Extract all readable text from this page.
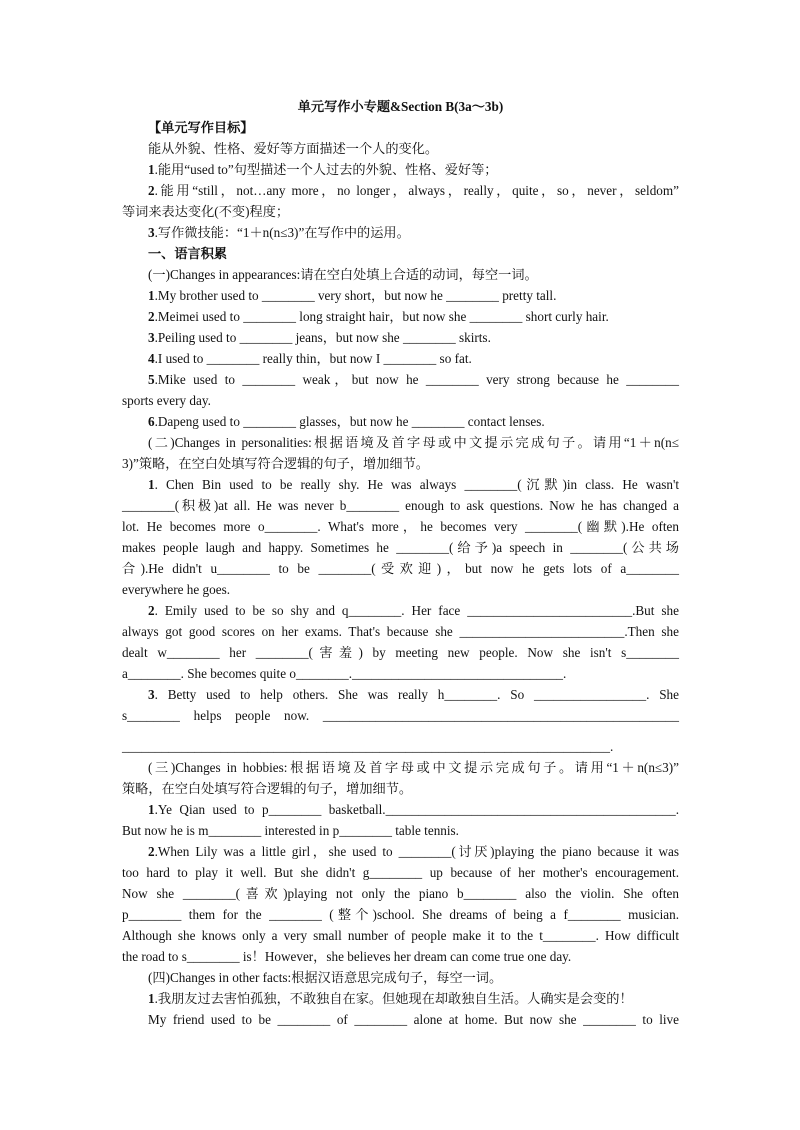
单元写作小专题&Section B(3a～3b)
【单元写作目标】
能从外貌、性格、爱好等方面描述一个人的变化。
1.能用“used to”句型描述一个人过去的外貌、性格、爱好等；
2.能用“still，not…any more，no longer，always，really，quite，so，never，seldom”
等词来表达变化(不变)程度；
3.写作微技能：“1＋n(n≤3)”在写作中的运用。
一、语言积累
(一)Changes in appearances:请在空白处填上合适的动词，每空一词。
1.My brother used to ________ very short，but now he ________ pretty tall.
2.Meimei used to ________ long straight hair，but now she ________ short curly hair.
3.Peiling used to ________ jeans，but now she ________ skirts.
4.I used to ________ really thin，but now I ________ so fat.
5.Mike used to ________ weak，but now he ________ very strong because he ________
sports every day.
6.Dapeng used to ________ glasses，but now he ________ contact lenses.
(二)Changes in personalities:根据语境及首字母或中文提示完成句子。请用“1＋n(n≤
3)”策略，在空白处填写符合逻辑的句子，增加细节。
1. Chen Bin used to be really shy. He was always ________(沉默)in class. He wasn't
________(积极)at all. He was never b________ enough to ask questions. Now he has changed a
lot. He becomes more o________. What's more，he becomes very ________(幽默).He often
makes people laugh and happy. Sometimes he ________(给予)a speech in ________(公共场
合).He didn't u________ to be ________(受欢迎)，but now he gets lots of a________
everywhere he goes.
2. Emily used to be so shy and q________. Her face _________________________.But she
always got good scores on her exams. That's because she _________________________.Then she
dealt w________ her ________(害羞) by meeting new people. Now she isn't s________
a________. She becomes quite o________.________________________________.
3. Betty used to help others. She was really h________. So _________________. She
s________ helps people now. ______________________________________________________
__________________________________________________________________________.
(三)Changes in hobbies:根据语境及首字母或中文提示完成句子。请用“1＋n(n≤3)”
策略，在空白处填写符合逻辑的句子，增加细节。
1.Ye Qian used to p________ basketball.____________________________________________.
But now he is m________ interested in p________ table tennis.
2.When Lily was a little girl，she used to ________(讨厌)playing the piano because it was
too hard to play it well. But she didn't g________ up because of her mother's encouragement.
Now she ________(喜欢)playing not only the piano b________ also the violin. She often
p________ them for the ________ (整个)school. She dreams of being a f________ musician.
Although she knows only a very small number of people make it to the t________. How difficult
the road to s________ is！However，she believes her dream can come true one day.
(四)Changes in other facts:根据汉语意思完成句子，每空一词。
1.我朋友过去害怕孤独，不敢独自在家。但她现在却敢独自生活。人确实是会变的！
My friend used to be ________ of ________ alone at home. But now she ________ to live
